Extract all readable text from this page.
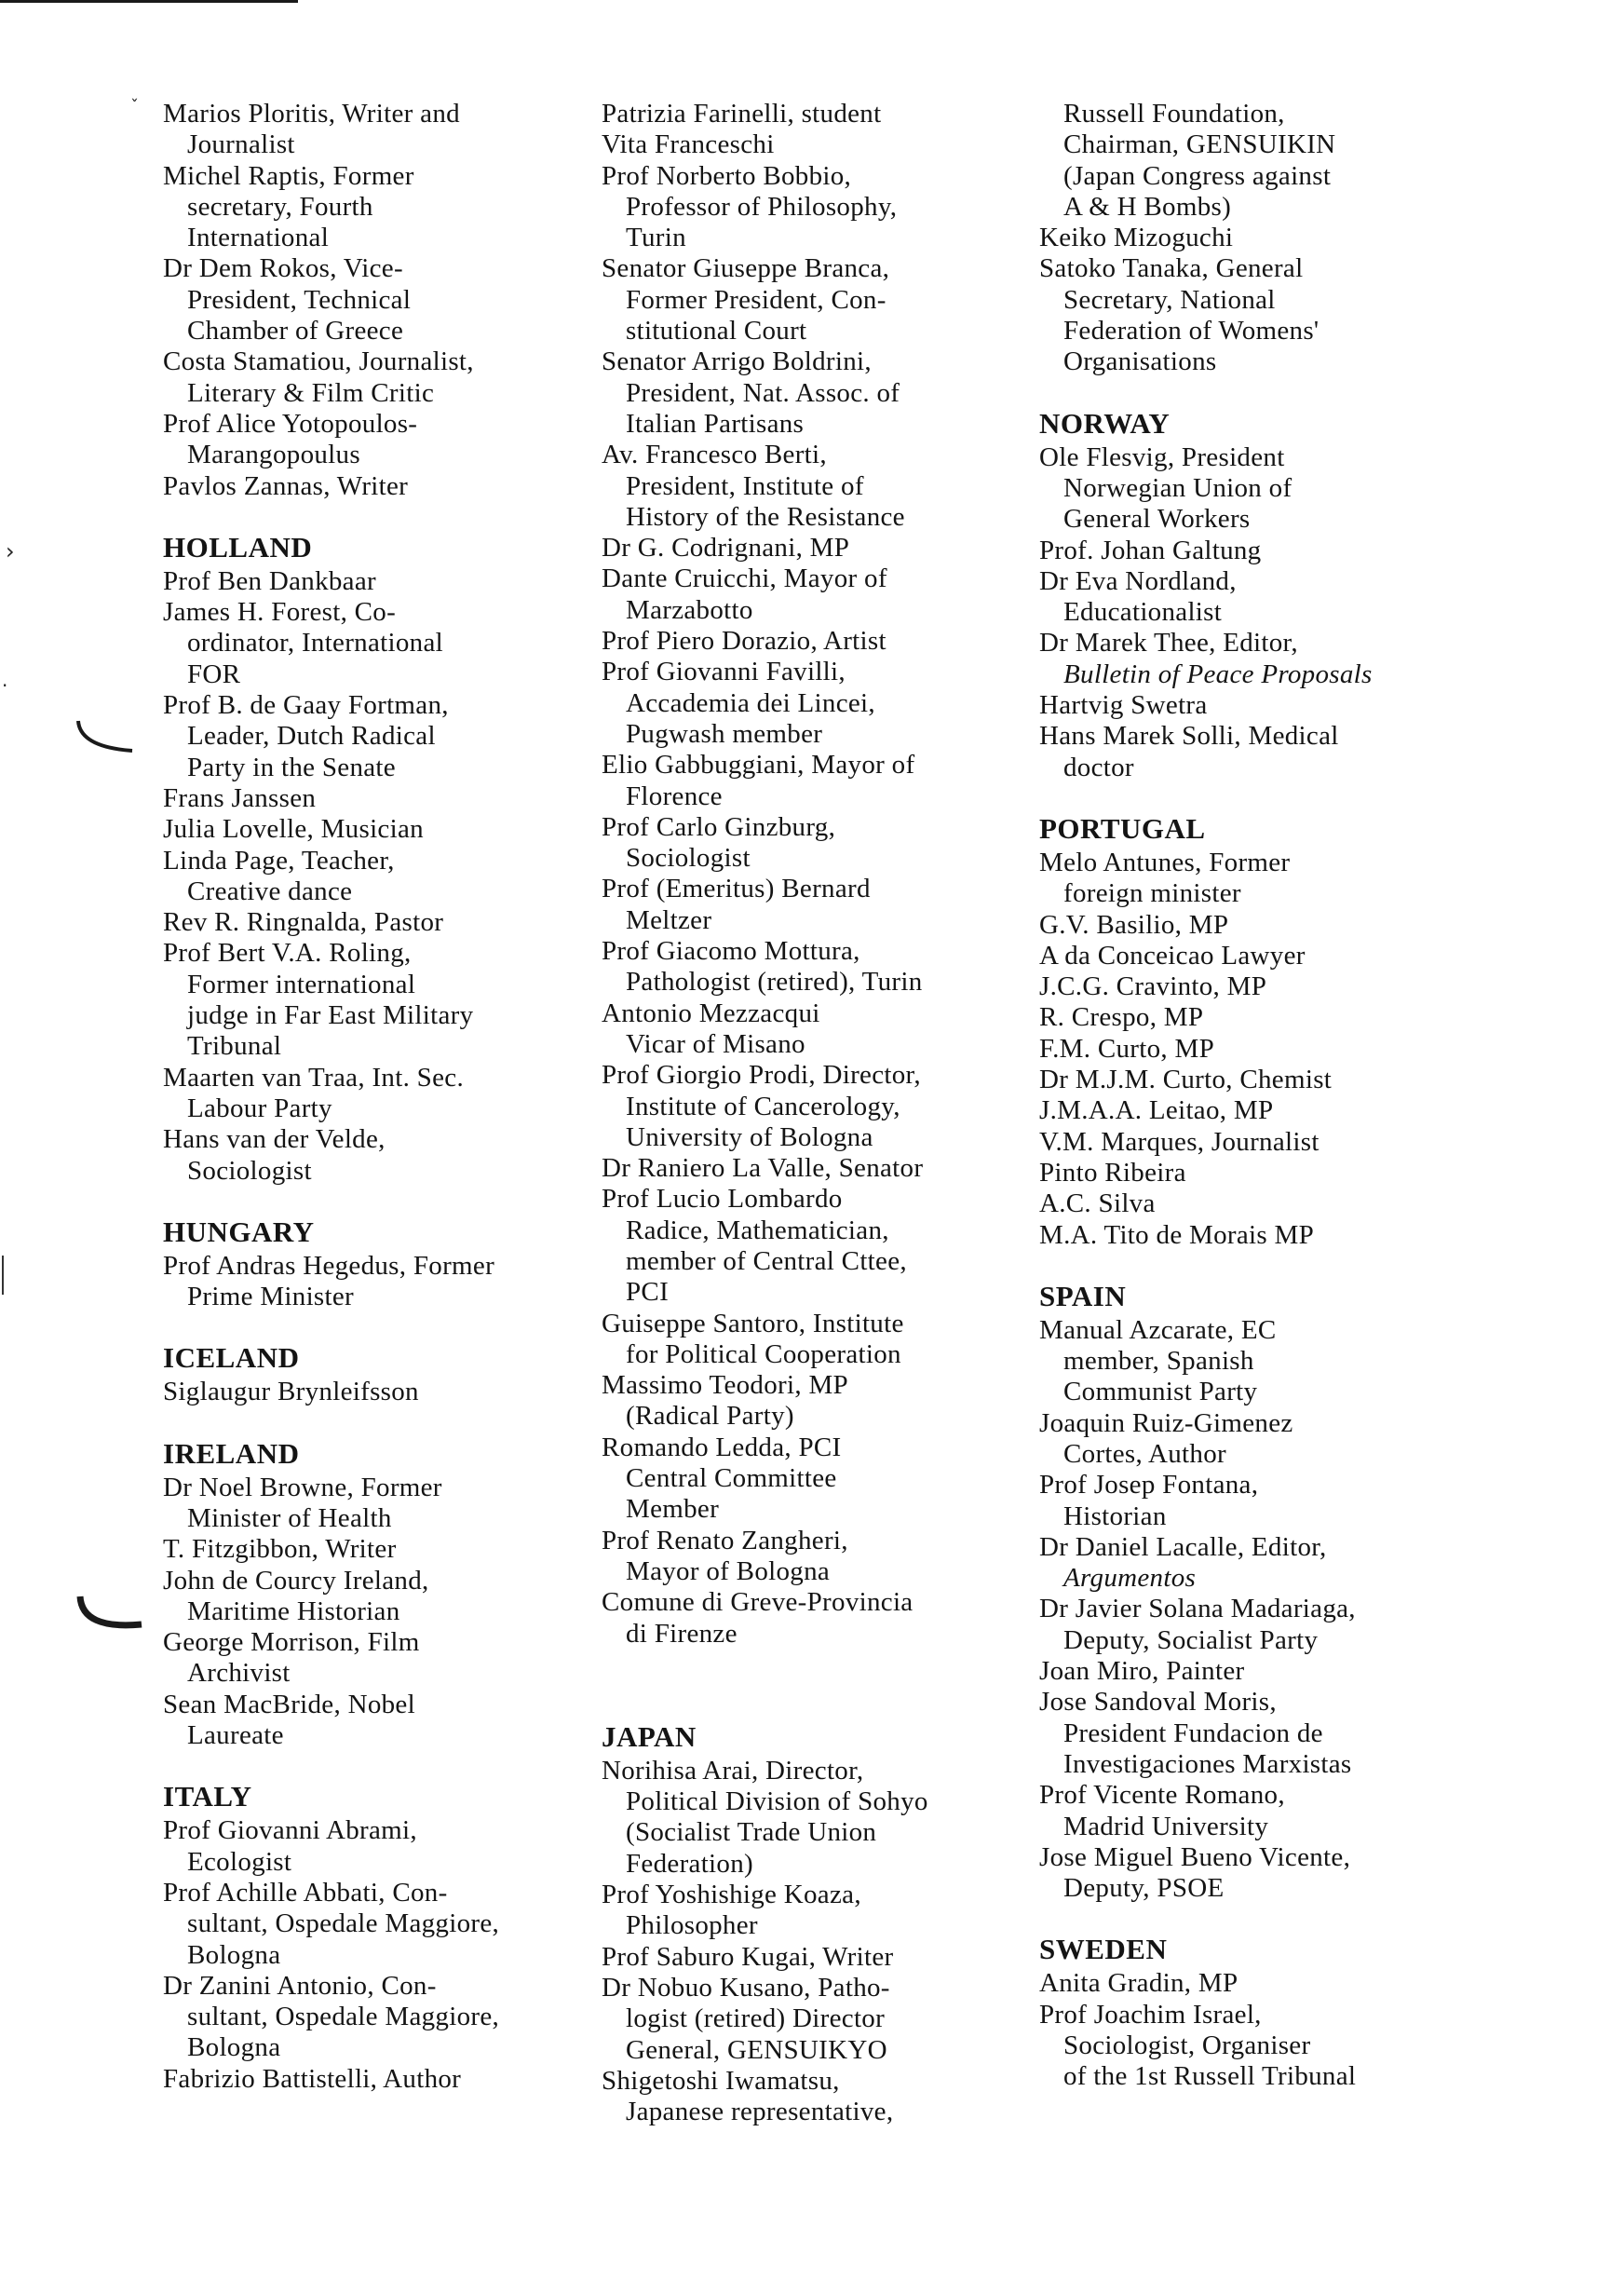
ˇ
›
·
Marios Ploritis, Writer and
Journalist
Michel Raptis, Former
secretary, Fourth
International
Dr Dem Rokos, Vice-
President, Technical
Chamber of Greece
Costa Stamatiou, Journalist,
Literary & Film Critic
Prof Alice Yotopoulos-
Marangopoulus
Pavlos Zannas, Writer
HOLLAND
Prof Ben Dankbaar
James H. Forest, Co-
ordinator, International
FOR
Prof B. de Gaay Fortman,
Leader, Dutch Radical
Party in the Senate
Frans Janssen
Julia Lovelle, Musician
Linda Page, Teacher,
Creative dance
Rev R. Ringnalda, Pastor
Prof Bert V.A. Roling,
Former international
judge in Far East Military
Tribunal
Maarten van Traa, Int. Sec.
Labour Party
Hans van der Velde,
Sociologist
HUNGARY
Prof Andras Hegedus, Former
Prime Minister
ICELAND
Siglaugur Brynleifsson
IRELAND
Dr Noel Browne, Former
Minister of Health
T. Fitzgibbon, Writer
John de Courcy Ireland,
Maritime Historian
George Morrison, Film
Archivist
Sean MacBride, Nobel
Laureate
ITALY
Prof Giovanni Abrami,
Ecologist
Prof Achille Abbati, Con-
sultant, Ospedale Maggiore,
Bologna
Dr Zanini Antonio, Con-
sultant, Ospedale Maggiore,
Bologna
Fabrizio Battistelli, Author
Patrizia Farinelli, student
Vita Franceschi
Prof Norberto Bobbio,
Professor of Philosophy,
Turin
Senator Giuseppe Branca,
Former President, Con-
stitutional Court
Senator Arrigo Boldrini,
President, Nat. Assoc. of
Italian Partisans
Av. Francesco Berti,
President, Institute of
History of the Resistance
Dr G. Codrignani, MP
Dante Cruicchi, Mayor of
Marzabotto
Prof Piero Dorazio, Artist
Prof Giovanni Favilli,
Accademia dei Lincei,
Pugwash member
Elio Gabbuggiani, Mayor of
Florence
Prof Carlo Ginzburg,
Sociologist
Prof (Emeritus) Bernard
Meltzer
Prof Giacomo Mottura,
Pathologist (retired), Turin
Antonio Mezzacqui
Vicar of Misano
Prof Giorgio Prodi, Director,
Institute of Cancerology,
University of Bologna
Dr Raniero La Valle, Senator
Prof Lucio Lombardo
Radice, Mathematician,
member of Central Cttee,
PCI
Guiseppe Santoro, Institute
for Political Cooperation
Massimo Teodori, MP
(Radical Party)
Romando Ledda, PCI
Central Committee
Member
Prof Renato Zangheri,
Mayor of Bologna
Comune di Greve-Provincia
di Firenze
JAPAN
Norihisa Arai, Director,
Political Division of Sohyo
(Socialist Trade Union
Federation)
Prof Yoshishige Koaza,
Philosopher
Prof Saburo Kugai, Writer
Dr Nobuo Kusano, Patho-
logist (retired) Director
General, GENSUIKYO
Shigetoshi Iwamatsu,
Japanese representative,
Russell Foundation,
Chairman, GENSUIKIN
(Japan Congress against
A & H Bombs)
Keiko Mizoguchi
Satoko Tanaka, General
Secretary, National
Federation of Womens'
Organisations
NORWAY
Ole Flesvig, President
Norwegian Union of
General Workers
Prof. Johan Galtung
Dr Eva Nordland,
Educationalist
Dr Marek Thee, Editor,
Bulletin of Peace Proposals
Hartvig Swetra
Hans Marek Solli, Medical
doctor
PORTUGAL
Melo Antunes, Former
foreign minister
G.V. Basilio, MP
A da Conceicao Lawyer
J.C.G. Cravinto, MP
R. Crespo, MP
F.M. Curto, MP
Dr M.J.M. Curto, Chemist
J.M.A.A. Leitao, MP
V.M. Marques, Journalist
Pinto Ribeira
A.C. Silva
M.A. Tito de Morais MP
SPAIN
Manual Azcarate, EC
member, Spanish
Communist Party
Joaquin Ruiz-Gimenez
Cortes, Author
Prof Josep Fontana,
Historian
Dr Daniel Lacalle, Editor,
Argumentos
Dr Javier Solana Madariaga,
Deputy, Socialist Party
Joan Miro, Painter
Jose Sandoval Moris,
President Fundacion de
Investigaciones Marxistas
Prof Vicente Romano,
Madrid University
Jose Miguel Bueno Vicente,
Deputy, PSOE
SWEDEN
Anita Gradin, MP
Prof Joachim Israel,
Sociologist, Organiser
of the 1st Russell Tribunal
